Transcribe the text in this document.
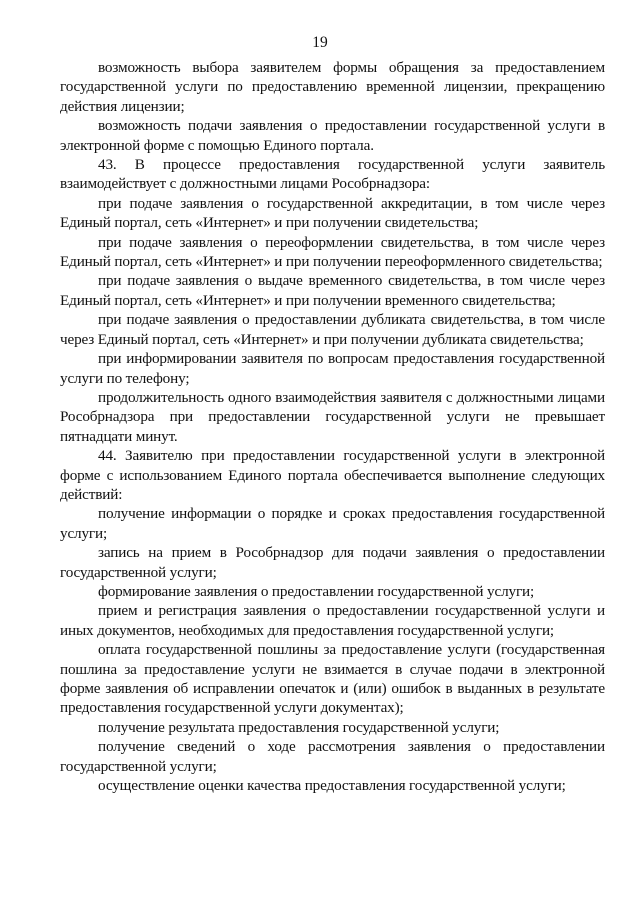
19

возможность выбора заявителем формы обращения за предоставлением государственной услуги по предоставлению временной лицензии, прекращению действия лицензии;

возможность подачи заявления о предоставлении государственной услуги в электронной форме с помощью Единого портала.

43. В процессе предоставления государственной услуги заявитель взаимодействует с должностными лицами Рособрнадзора:

при подаче заявления о государственной аккредитации, в том числе через Единый портал, сеть «Интернет» и при получении свидетельства;

при подаче заявления о переоформлении свидетельства, в том числе через Единый портал, сеть «Интернет» и при получении переоформленного свидетельства;

при подаче заявления о выдаче временного свидетельства, в том числе через Единый портал, сеть «Интернет» и при получении временного свидетельства;

при подаче заявления о предоставлении дубликата свидетельства, в том числе через Единый портал, сеть «Интернет» и при получении дубликата свидетельства;

при информировании заявителя по вопросам предоставления государственной услуги по телефону;

продолжительность одного взаимодействия заявителя с должностными лицами Рособрнадзора при предоставлении государственной услуги не превышает пятнадцати минут.

44. Заявителю при предоставлении государственной услуги в электронной форме с использованием Единого портала обеспечивается выполнение следующих действий:

получение информации о порядке и сроках предоставления государственной услуги;

запись на прием в Рособрнадзор для подачи заявления о предоставлении государственной услуги;

формирование заявления о предоставлении государственной услуги;

прием и регистрация заявления о предоставлении государственной услуги и иных документов, необходимых для предоставления государственной услуги;

оплата государственной пошлины за предоставление услуги (государственная пошлина за предоставление услуги не взимается в случае подачи в электронной форме заявления об исправлении опечаток и (или) ошибок в выданных в результате предоставления государственной услуги документах);

получение результата предоставления государственной услуги;

получение сведений о ходе рассмотрения заявления о предоставлении государственной услуги;

осуществление оценки качества предоставления государственной услуги;
